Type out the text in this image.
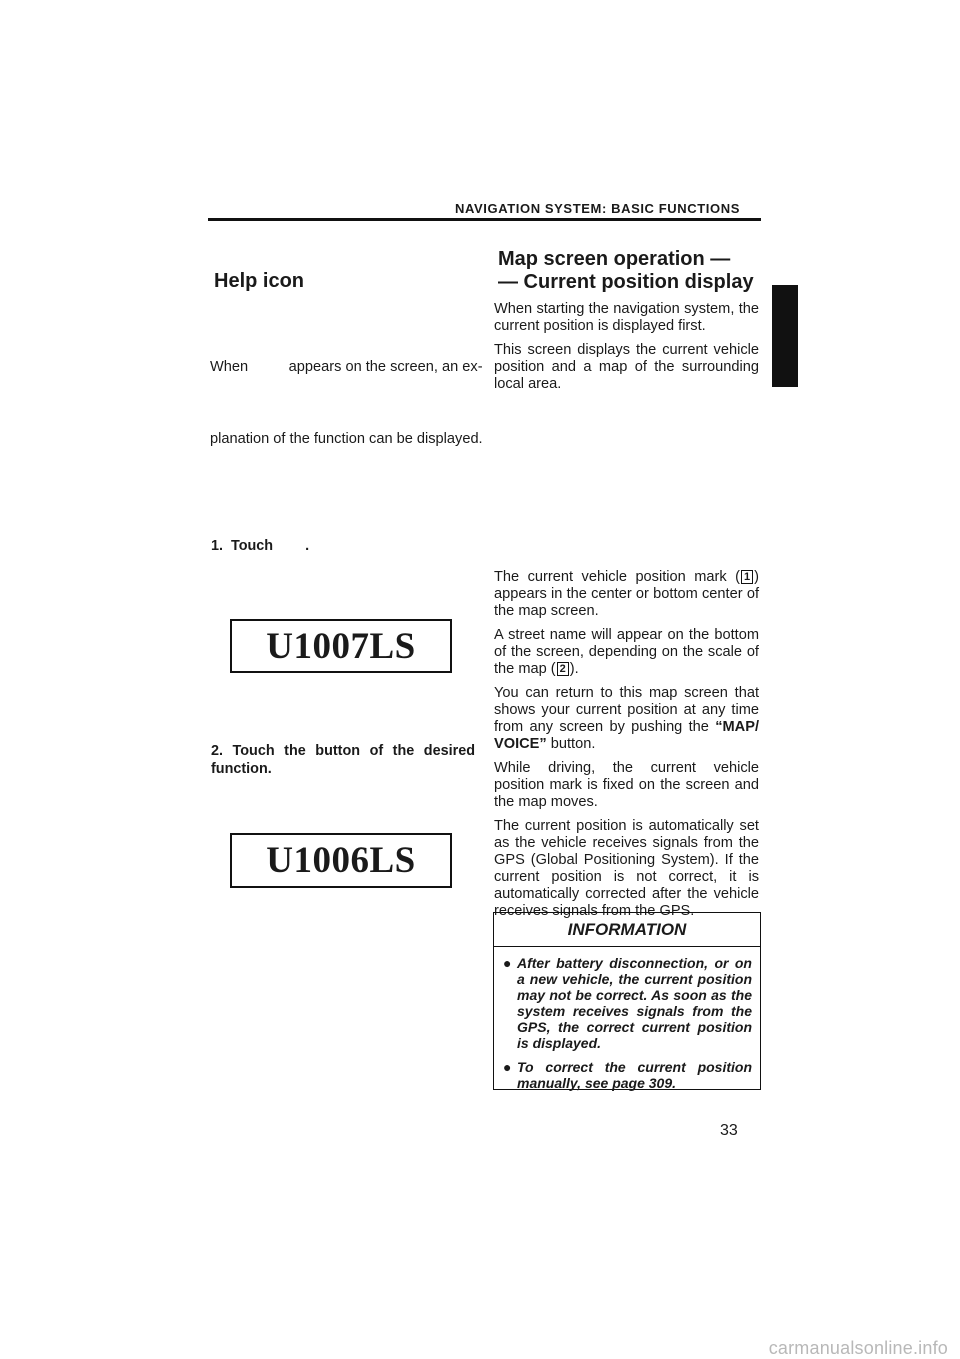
NAVIGATION SYSTEM: BASIC FUNCTIONS
Help icon

When          appears on the screen, an ex-

planation of the function can be displayed.

1.  Touch        .
U1007LS
2. Touch the button of the desired function.
U1006LS
Map screen operation —
— Current position display

When starting the navigation system, the current position is displayed first.

This screen displays the current vehicle position and a map of the surrounding local area.

The current vehicle position mark ( 1 ) appears in the center or bottom center of the map screen.

A street name will appear on the bottom of the screen, depending on the scale of the map ( 2 ).

You can return to this map screen that shows your current position at any time from any screen by pushing the “MAP/ VOICE” button.

While driving, the current vehicle position mark is fixed on the screen and the map moves.

The current position is automatically set as the vehicle receives signals from the GPS (Global Positioning System). If the current position is not correct, it is automatically corrected after the vehicle receives signals from the GPS.

INFORMATION
● After battery disconnection, or on a new vehicle, the current position may not be correct. As soon as the system receives signals from the GPS, the correct current position is displayed.
● To correct the current position manually, see page 309.
33
carmanualsonline.info
